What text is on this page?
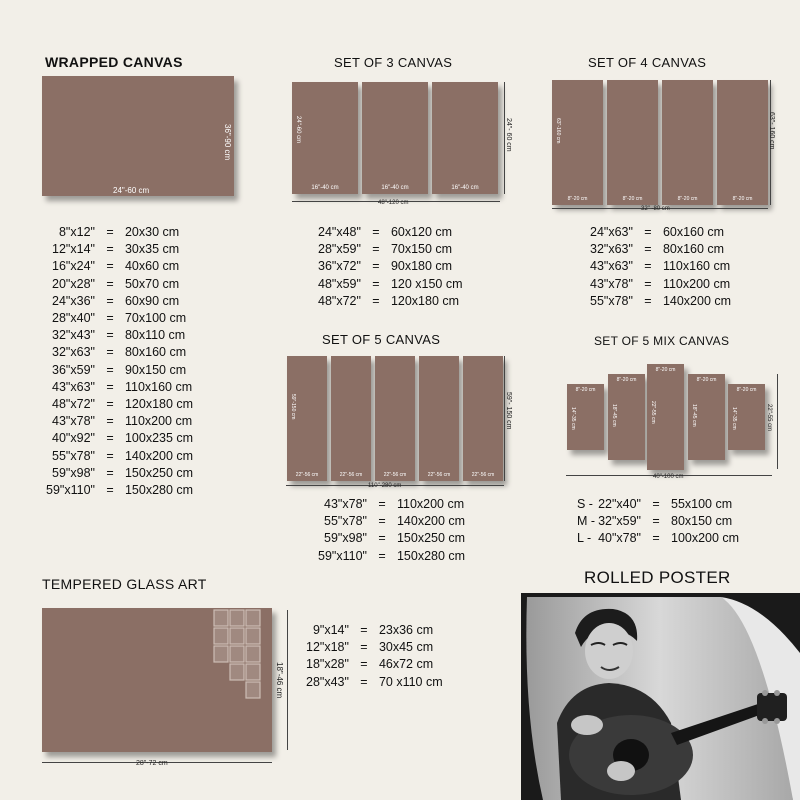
WRAPPED CANVAS
24"-60 cm
36"-90 cm
8"x12"	=	20x30 cm
12"x14"	=	30x35 cm
16"x24"	=	40x60 cm
20"x28"	=	50x70 cm
24"x36"	=	60x90 cm
28"x40"	=	70x100 cm
32"x43"	=	80x110 cm
32"x63"	=	80x160 cm
36"x59"	=	90x150 cm
43"x63"	=	110x160 cm
48"x72"	=	120x180 cm
43"x78"	=	110x200 cm
40"x92"	=	100x235 cm
55"x78"	=	140x200 cm
59"x98"	=	150x250 cm
59"x110"	=	150x280 cm
SET OF 3 CANVAS
16"-40 cm
24"-60 cm
16"-40 cm	16"-40 cm
48"-120 cm
24"- 60 cm
24"x48"	=	60x120 cm
28"x59"	=	70x150 cm
36"x72"	=	90x180 cm
48"x59"	=	120 x150 cm
48"x72"	=	120x180 cm
SET OF 4 CANVAS
8"-20 cm
63"-160 cm
8"-20 cm	8"-20 cm	8"-20 cm
32" -80 cm
63"- 160 cm
24"x63"	=	60x160 cm
32"x63"	=	80x160 cm
43"x63"	=	110x160 cm
43"x78"	=	110x200 cm
55"x78"	=	140x200 cm
SET OF 5 CANVAS
22"-56 cm
59"-150 cm
22"-56 cm	22"-56 cm	22"-56 cm	22"-56 cm
110"-280 cm
59"- 150 cm
43"x78"	=	110x200 cm
55"x78"	=	140x200 cm
59"x98"	=	150x250 cm
59"x110"	=	150x280 cm
SET OF 5 MIX CANVAS
8"-20 cm
14"-35 cm
8"-20 cm
18"-45 cm
8"-20 cm
22"-55 cm
8"-20 cm
18"-45 cm
8"-20 cm
14"-35 cm
40"-100 cm
22"-55 cm
S -	22"x40"	=	55x100 cm
M -	32"x59"	=	80x150 cm
L -	40"x78"	=	100x200 cm
TEMPERED GLASS ART
28"-72 cm
18"-46 cm
9"x14"	=	23x36 cm
12"x18"	=	30x45 cm
18"x28"	=	46x72 cm
28"x43"	=	70 x110 cm
ROLLED POSTER
